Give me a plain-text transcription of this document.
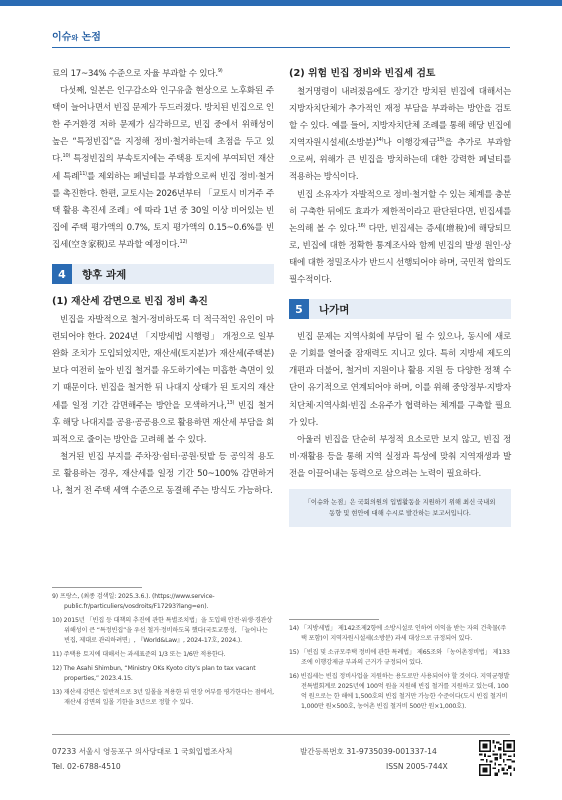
이슈와 논점

료의 17~34% 수준으로 자율 부과할 수 있다.$^{9)}$

다섯째, 일본은 인구감소와 인구유출 현상으로 노후화된 주택이 늘어나면서 빈집 문제가 두드러졌다. 방치된 빈집으로 인한 주거환경 저하 문제가 심각하므로, 빈집 중에서 위해성이 높은 “특정빈집”을 지정해 정비·철거하는데 초점을 두고 있다.$^{10)}$ 특정빈집의 부속토지에는 주택용 토지에 부여되던 재산세 특례$^{11)}$를 제외하는 페널티를 부과함으로써 빈집 정비·철거를 촉진한다. 한편, 교토시는 2026년부터 「교토시 비거주 주택 활용 촉진세 조례」에 따라 1년 중 30일 이상 비어있는 빈집에 주택 평가액의 0.7%, 토지 평가액의 0.15~0.6%를 빈집세(空き家税)로 부과할 예정이다.$^{12)}$

4	향후 과제
(1) 재산세 감면으로 빈집 정비 촉진

빈집을 자발적으로 철거·정비하도록 더 적극적인 유인이 마련되어야 한다. 2024년 「지방세법 시행령」 개정으로 일부 완화 조치가 도입되었지만, 재산세(토지분)가 재산세(주택분)보다 여전히 높아 빈집 철거를 유도하기에는 미흡한 측면이 있기 때문이다. 빈집을 철거한 뒤 나대지 상태가 된 토지의 재산세를 일정 기간 감면해주는 방안을 모색하거나,$^{13)}$ 빈집 철거 후 해당 나대지를 공용·공공용으로 활용하면 재산세 부담을 회피적으로 줄이는 방안을 고려해 볼 수 있다.

철거된 빈집 부지를 주차장·쉼터·공원·텃밭 등 공익적 용도로 활용하는 경우, 재산세를 일정 기간 50~100% 감면하거나, 철거 전 주택 세액 수준으로 동결해 주는 방식도 가능하다.

(2) 위험 빈집 정비와 빈집세 검토

철거명령이 내려졌음에도 장기간 방치된 빈집에 대해서는 지방자치단체가 추가적인 재정 부담을 부과하는 방안을 검토할 수 있다. 예를 들어, 지방자치단체 조례를 통해 해당 빈집에 지역자원시설세(소방분)$^{14)}$나 이행강제금$^{15)}$을 추가로 부과함으로써, 위해가 큰 빈집을 방치하는데 대한 강력한 페널티를 적용하는 방식이다.

빈집 소유자가 자발적으로 정비·철거할 수 있는 체계를 충분히 구축한 뒤에도 효과가 제한적이라고 판단된다면, 빈집세를 논의해 볼 수 있다.$^{16)}$ 다만, 빈집세는 증세(增稅)에 해당되므로, 빈집에 대한 정확한 통계조사와 함께 빈집의 발생 원인·상태에 대한 정밀조사가 반드시 선행되어야 하며, 국민적 합의도 필수적이다.

5	나가며

빈집 문제는 지역사회에 부담이 될 수 있으나, 동시에 새로운 기회를 열어줄 잠재력도 지니고 있다. 특히 지방세 제도의 개편과 더불어, 철거비 지원이나 활용 지원 등 다양한 정책 수단이 유기적으로 연계되어야 하며, 이를 위해 중앙정부·지방자치단체·지역사회·빈집 소유주가 협력하는 체계를 구축할 필요가 있다.

아울러 빈집을 단순히 부정적 요소로만 보지 않고, 빈집 정비·재활용 등을 통해 지역 실정과 특성에 맞춰 지역재생과 발전을 이끌어내는 동력으로 삼으려는 노력이 필요하다.

「이슈와 논점」은 국회의원의 입법활동을 지원하기 위해 최신 국내외 동향 및 현안에 대해 수시로 발간하는 보고서입니다.
9) 프랑스, (최종 검색일: 2025.3.6.). (https://www.service-public.fr/particuliers/vosdroits/F17293?lang=en).
10) 2015년 「빈집 등 대책의 추진에 관한 특별조치법」을 도입해 안전·위생·경관상 위해성이 큰 “특정빈집”을 우선 철거·정비하도록 했다(국토교통성, 「늘어나는 빈집, 제대로 관리하려면」, 『World&Law』, 2024-17호, 2024.).
11) 주택용 토지에 대해서는 과세표준의 1/3 또는 1/6만 적용한다.
12) The Asahi Shimbun, “Ministry OKs Kyoto city’s plan to tax vacant properties,” 2023.4.15.
13) 재산세 감면은 일반적으로 3년 일몰을 적용한 뒤 연장 여부를 평가한다는 점에서, 재산세 감면의 일몰 기한을 3년으로 정할 수 있다.
14) 「지방세법」 제142조제2항에 소방시설로 인하여 이익을 받는 자의 건축물(주택 포함)이 지역자원시설세(소방분) 과세 대상으로 규정되어 있다.
15) 「빈집 및 소규모주택 정비에 관한 특례법」 제65조와 「농어촌정비법」 제133조에 이행강제금 부과의 근거가 규정되어 있다.
16) 빈집세는 빈집 정비사업을 지원하는 용도로만 사용되어야 할 것이다. 지역균형발전특별회계로 2025년에 100억 원을 지원해 빈집 철거를 지원하고 있는데, 100억 원으로는 한 해에 1,500호의 빈집 철거만 가능한 수준이다(도시 빈집 철거비 1,000만 원×500호, 농어촌 빈집 철거비 500만 원×1,000호).
07233 서울시 영등포구 의사당대로 1 국회입법조사처
Tel. 02-6788-4510
발간등록번호 31-9735039-001337-14
ISSN 2005-744X
